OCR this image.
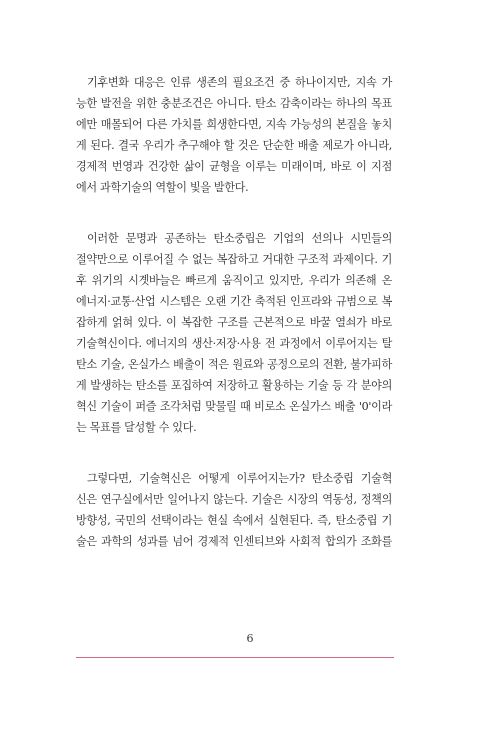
기후변화 대응은 인류 생존의 필요조건 중 하나이지만, 지속 가
능한 발전을 위한 충분조건은 아니다. 탄소 감축이라는 하나의 목표
에만 매몰되어 다른 가치를 희생한다면, 지속 가능성의 본질을 놓치
게 된다. 결국 우리가 추구해야 할 것은 단순한 배출 제로가 아니라,
경제적 번영과 건강한 삶이 균형을 이루는 미래이며, 바로 이 지점
에서 과학기술의 역할이 빛을 발한다.

이러한 문명과 공존하는 탄소중립은 기업의 선의나 시민들의
절약만으로 이루어질 수 없는 복잡하고 거대한 구조적 과제이다. 기
후 위기의 시곗바늘은 빠르게 움직이고 있지만, 우리가 의존해 온
에너지·교통·산업 시스템은 오랜 기간 축적된 인프라와 규범으로 복
잡하게 얽혀 있다. 이 복잡한 구조를 근본적으로 바꿀 열쇠가 바로
기술혁신이다. 에너지의 생산·저장·사용 전 과정에서 이루어지는 탈
탄소 기술, 온실가스 배출이 적은 원료와 공정으로의 전환, 불가피하
게 발생하는 탄소를 포집하여 저장하고 활용하는 기술 등 각 분야의
혁신 기술이 퍼즐 조각처럼 맞물릴 때 비로소 온실가스 배출 '0'이라
는 목표를 달성할 수 있다.

그렇다면, 기술혁신은 어떻게 이루어지는가? 탄소중립 기술혁
신은 연구실에서만 일어나지 않는다. 기술은 시장의 역동성, 정책의
방향성, 국민의 선택이라는 현실 속에서 실현된다. 즉, 탄소중립 기
술은 과학의 성과를 넘어 경제적 인센티브와 사회적 합의가 조화를

6
